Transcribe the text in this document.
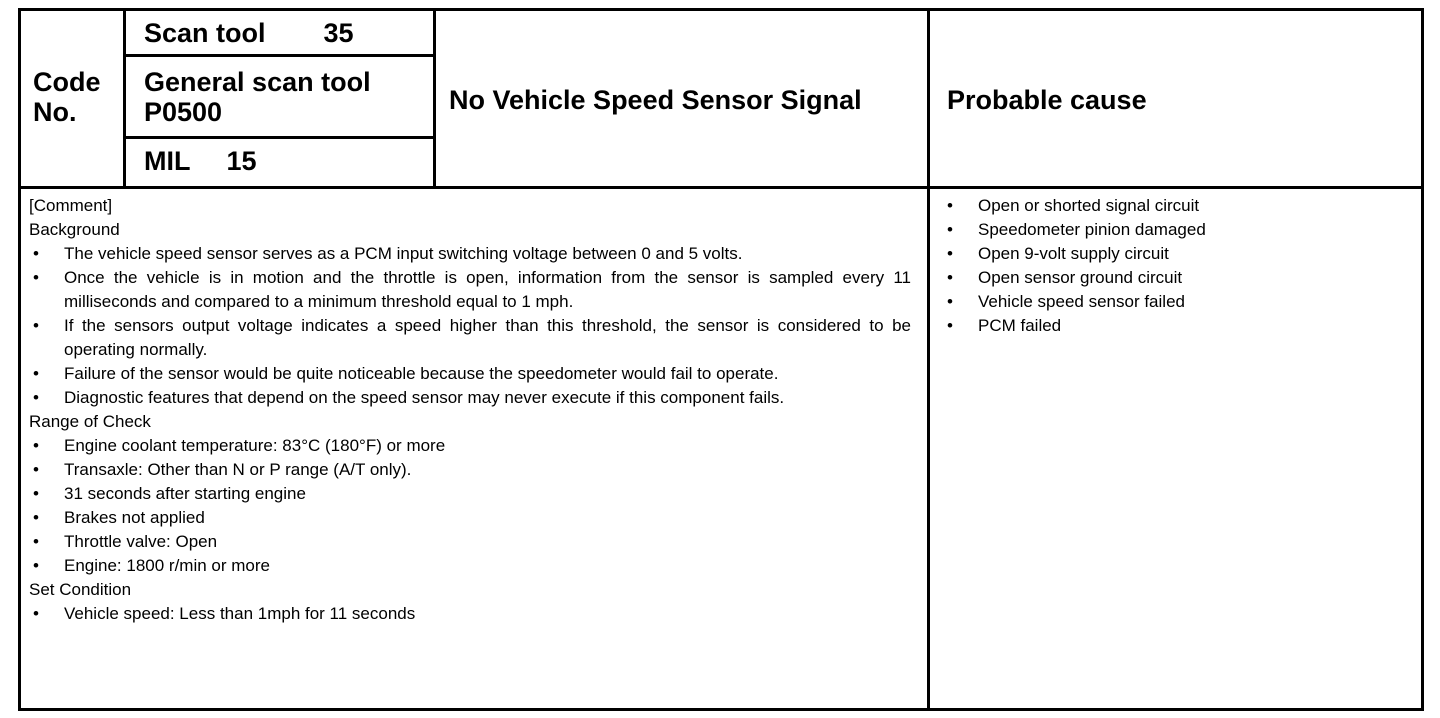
Code
No.
Scan tool 35
General scan tool
P0500
MIL 15
No Vehicle Speed Sensor Signal	Probable cause
[Comment]
Background
• The vehicle speed sensor serves as a PCM input switching voltage between 0 and 5 volts.
• Once the vehicle is in motion and the throttle is open, information from the sensor is sampled every 11 milliseconds and compared to a minimum threshold equal to 1 mph.
• If the sensors output voltage indicates a speed higher than this threshold, the sensor is considered to be operating normally.
• Failure of the sensor would be quite noticeable because the speedometer would fail to operate.
• Diagnostic features that depend on the speed sensor may never execute if this component fails.
Range of Check
• Engine coolant temperature: 83°C (180°F) or more
• Transaxle: Other than N or P range (A/T only).
• 31 seconds after starting engine
• Brakes not applied
• Throttle valve: Open
• Engine: 1800 r/min or more
Set Condition
• Vehicle speed: Less than 1mph for 11 seconds
• Open or shorted signal circuit
• Speedometer pinion damaged
• Open 9-volt supply circuit
• Open sensor ground circuit
• Vehicle speed sensor failed
• PCM failed
